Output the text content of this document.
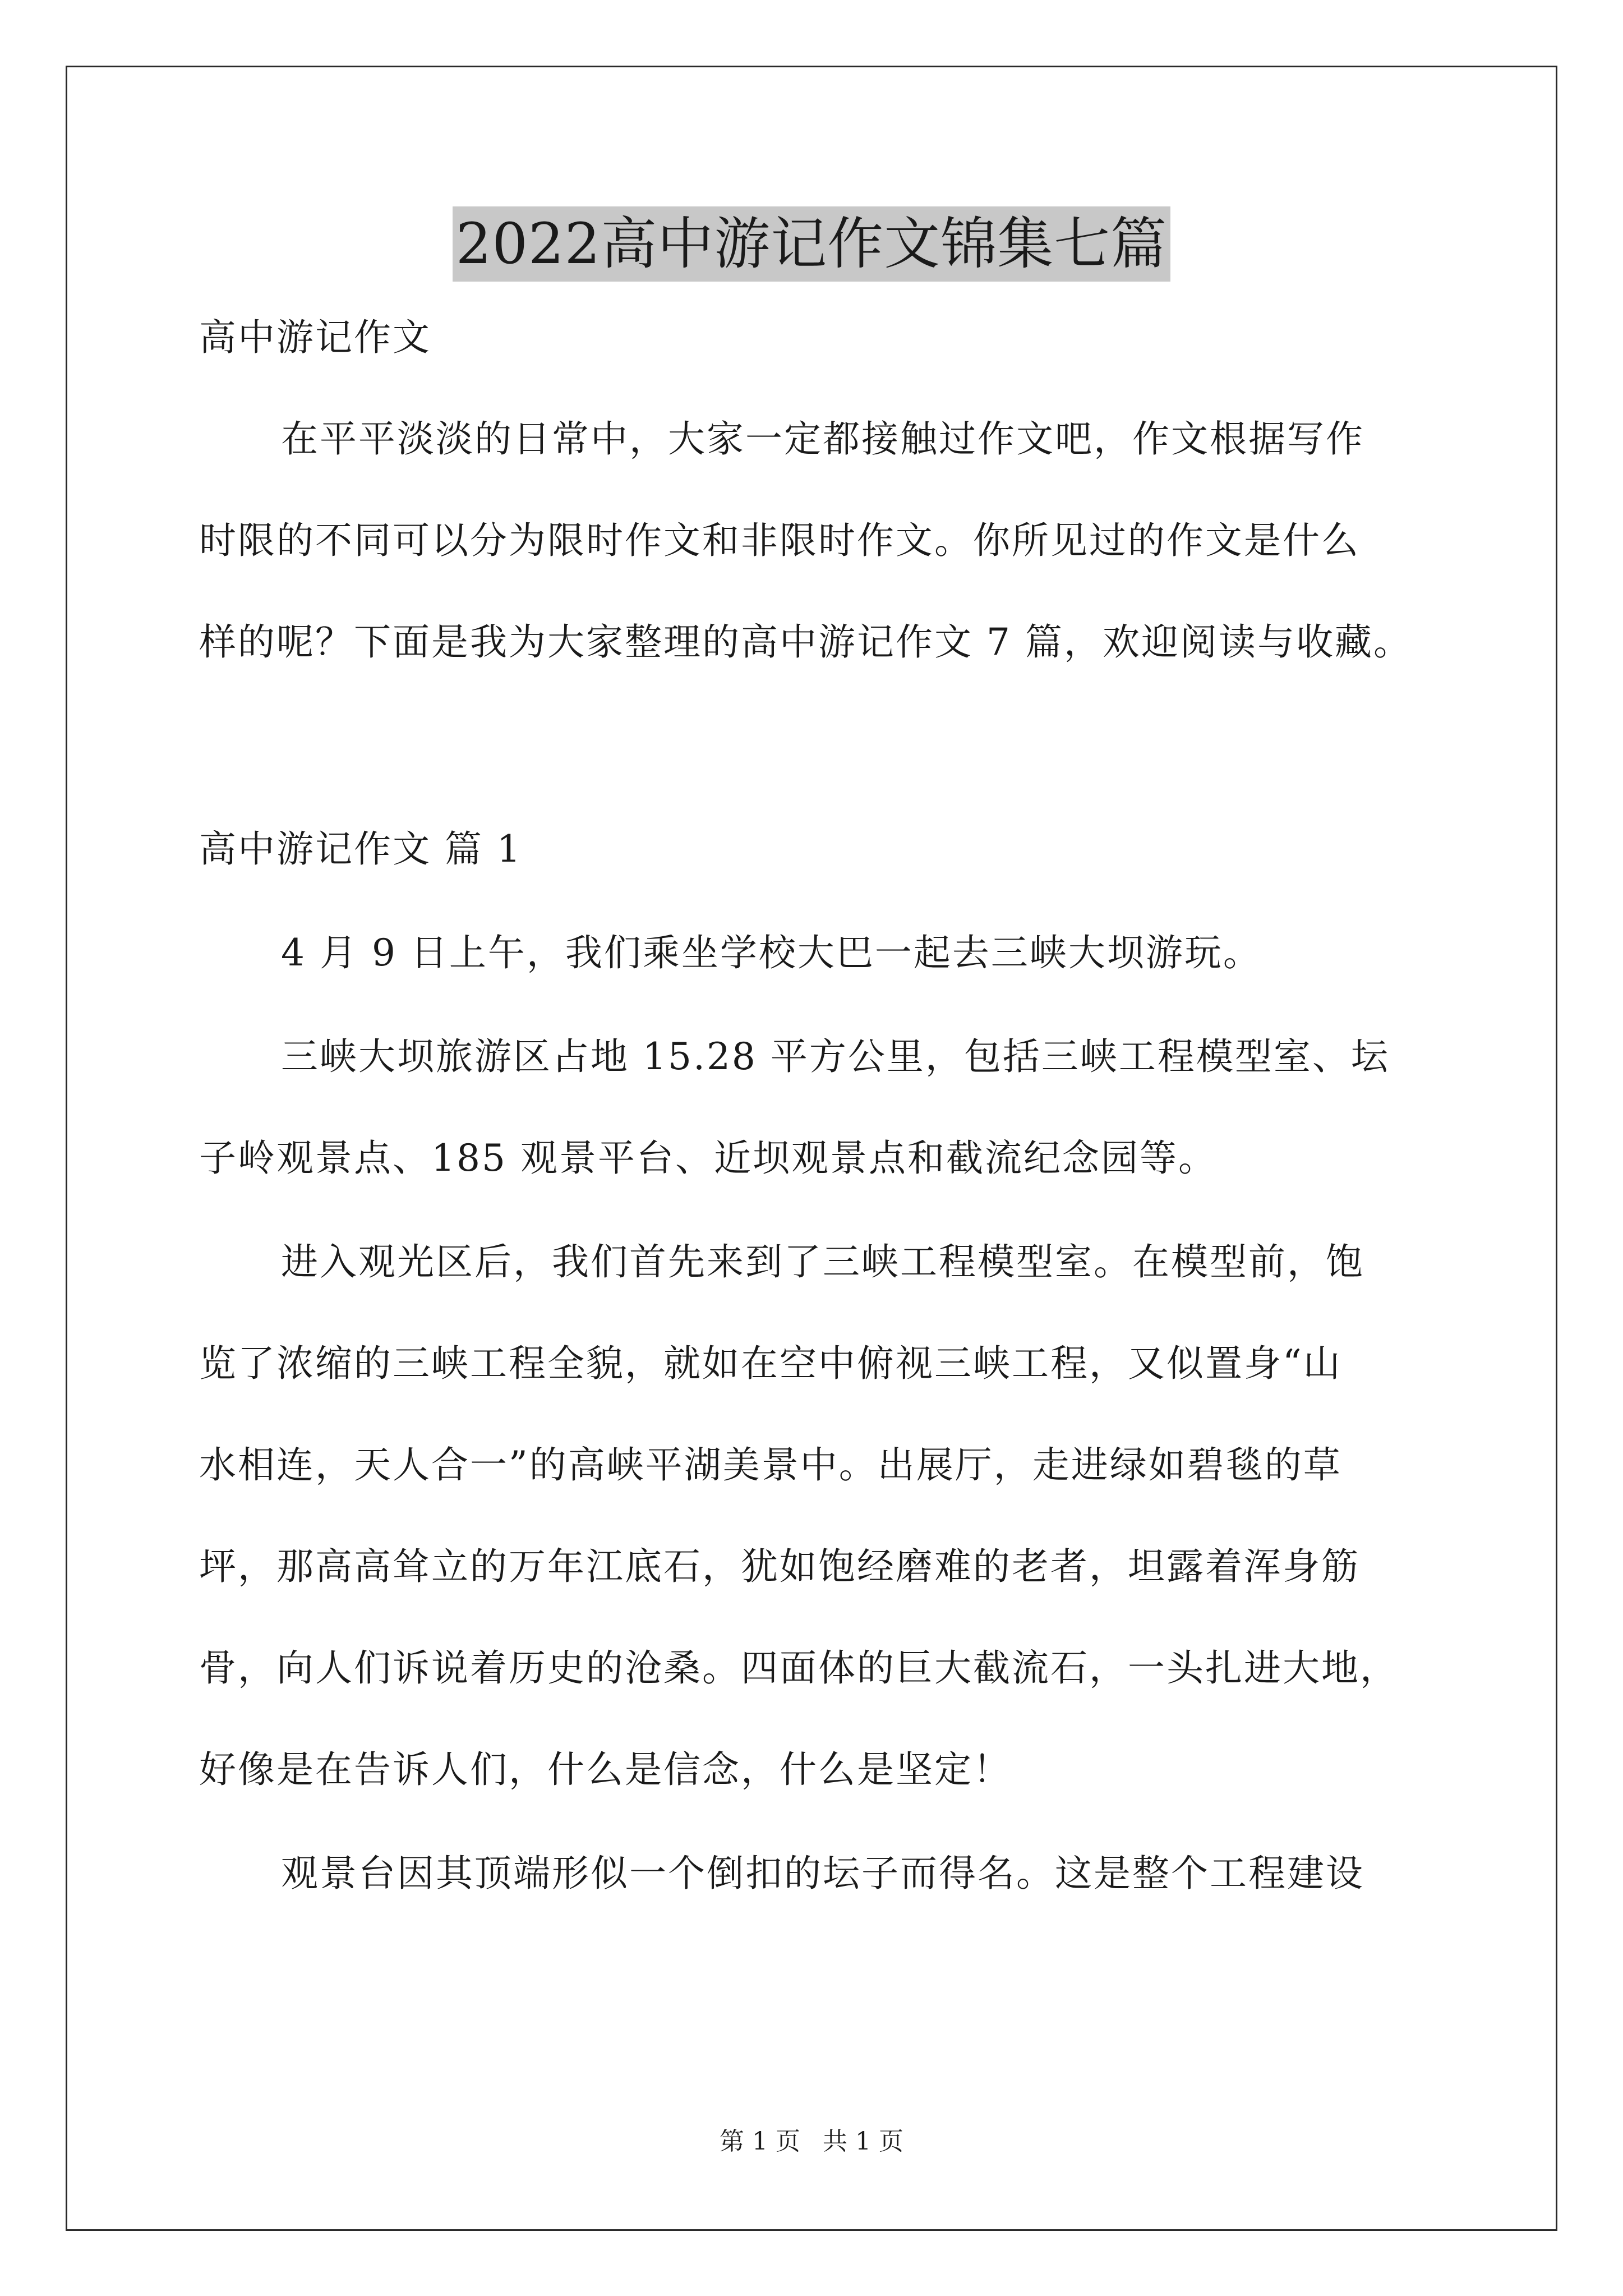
2022高中游记作文锦集七篇
高中游记作文
在平平淡淡的日常中，大家一定都接触过作文吧，作文根据写作
时限的不同可以分为限时作文和非限时作文。你所见过的作文是什么
样的呢？下面是我为大家整理的高中游记作文 7 篇，欢迎阅读与收藏。
高中游记作文 篇 1
4 月 9 日上午，我们乘坐学校大巴一起去三峡大坝游玩。
三峡大坝旅游区占地 15.28 平方公里，包括三峡工程模型室、坛
子岭观景点、185 观景平台、近坝观景点和截流纪念园等。
进入观光区后，我们首先来到了三峡工程模型室。在模型前，饱
览了浓缩的三峡工程全貌，就如在空中俯视三峡工程，又似置身“山
水相连，天人合一”的高峡平湖美景中。出展厅，走进绿如碧毯的草
坪，那高高耸立的万年江底石，犹如饱经磨难的老者，坦露着浑身筋
骨，向人们诉说着历史的沧桑。四面体的巨大截流石，一头扎进大地，
好像是在告诉人们，什么是信念，什么是坚定！
观景台因其顶端形似一个倒扣的坛子而得名。这是整个工程建设
第 1 页 共 1 页
